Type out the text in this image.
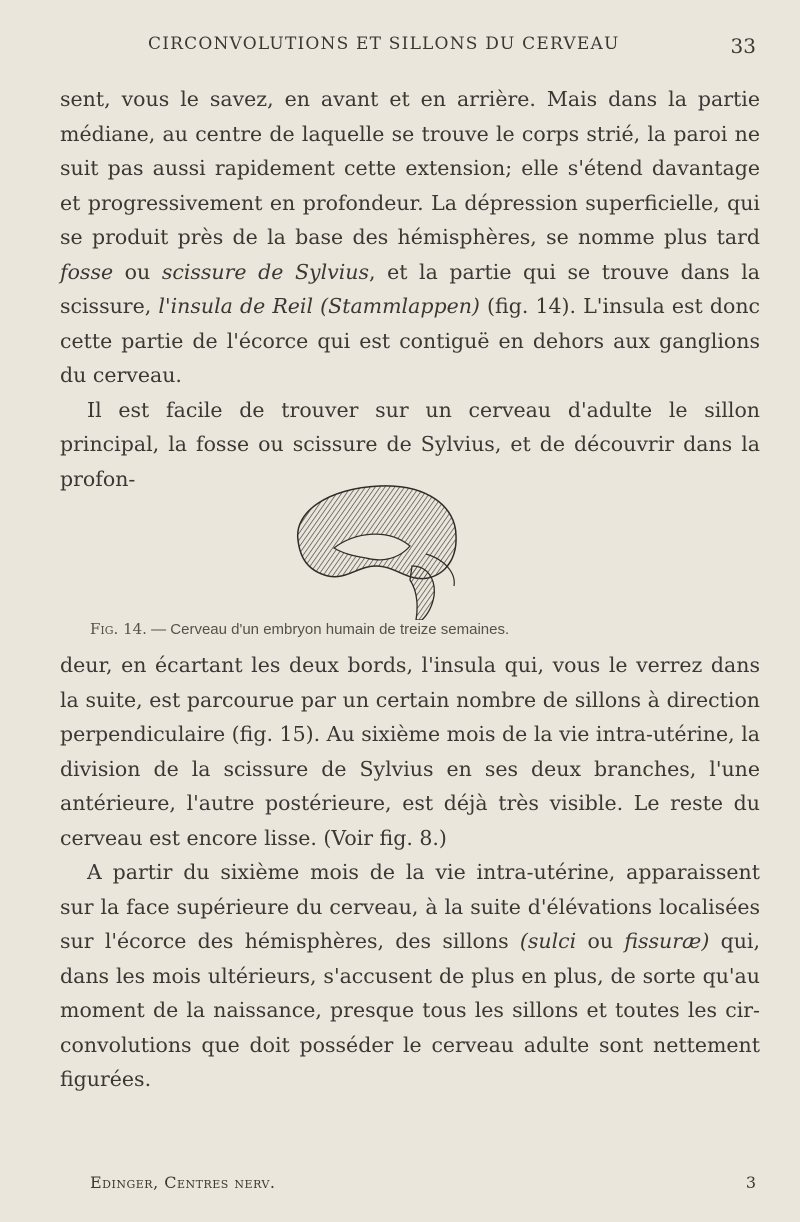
CIRCONVOLUTIONS ET SILLONS DU CERVEAU	33

sent, vous le savez, en avant et en arrière. Mais dans la partie médiane, au centre de laquelle se trouve le corps strié, la paroi ne suit pas aussi rapidement cette extension; elle s'étend davantage et progressivement en profondeur. La dépression superficielle, qui se produit près de la base des hémisphères, se nomme plus tard fosse ou scissure de Sylvius, et la partie qui se trouve dans la scissure, l'insula de Reil (Stammlappen) (fig. 14). L'insula est donc cette partie de l'écorce qui est contiguë en dehors aux ganglions du cerveau.

Il est facile de trouver sur un cerveau d'adulte le sillon principal, la fosse ou scissure de Sylvius, et de découvrir dans la profon-

Fig. 14. — Cerveau d'un embryon humain de treize semaines.

deur, en écartant les deux bords, l'insula qui, vous le verrez dans la suite, est parcourue par un certain nombre de sillons à direction perpendiculaire (fig. 15). Au sixième mois de la vie intra-utérine, la division de la scissure de Sylvius en ses deux branches, l'une antérieure, l'autre postérieure, est déjà très visible. Le reste du cerveau est encore lisse. (Voir fig. 8.)

A partir du sixième mois de la vie intra-utérine, apparaissent sur la face supérieure du cerveau, à la suite d'élévations localisées sur l'écorce des hémisphères, des sillons (sulci ou fissuræ) qui, dans les mois ultérieurs, s'accusent de plus en plus, de sorte qu'au moment de la naissance, presque tous les sillons et toutes les cir- convolutions que doit posséder le cerveau adulte sont nettement figurées.

Edinger, Centres nerv.	3
